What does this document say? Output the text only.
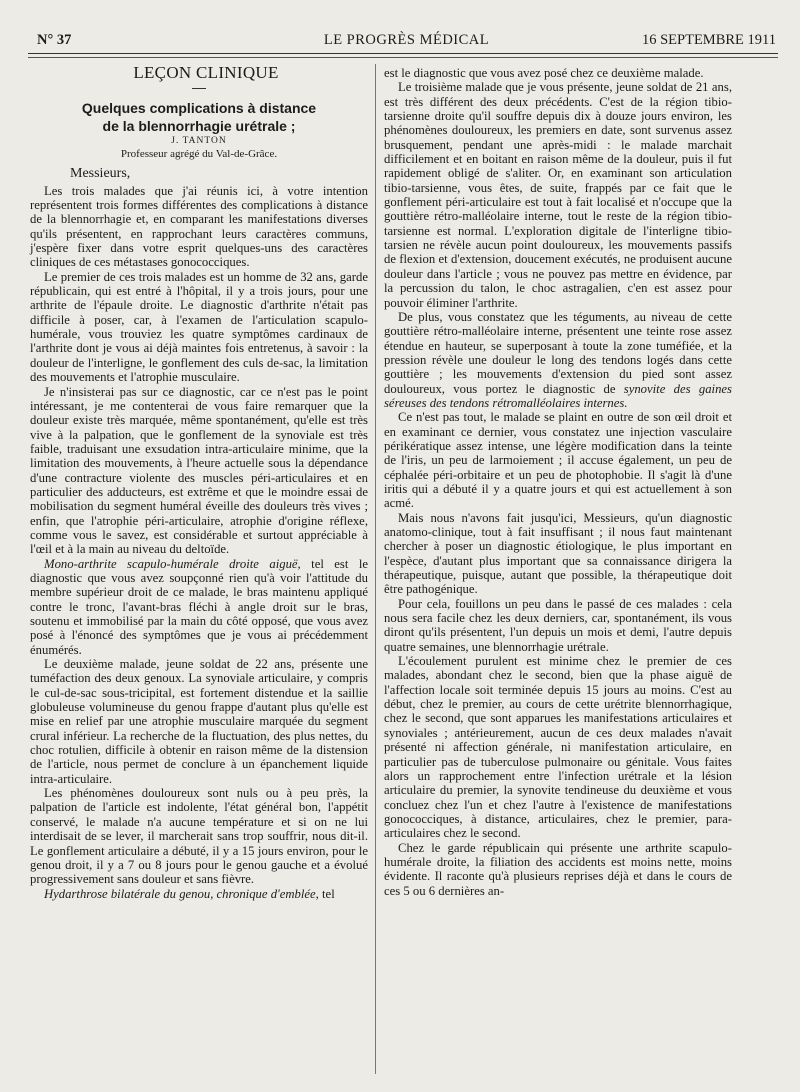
N° 37	LE PROGRÈS MÉDICAL	16 SEPTEMBRE 1911

LEÇON CLINIQUE

Quelques complications à distance
de la blennorrhagie urétrale ;

J. TANTON

Professeur agrégé du Val-de-Grâce.

Messieurs,

Les trois malades que j'ai réunis ici, à votre intention représentent trois formes différentes des complications à distance de la blennorrhagie et, en comparant les manifestations diverses qu'ils présentent, en rapprochant leurs caractères communs, j'espère fixer dans votre esprit quelques-uns des caractères cliniques de ces métastases gonococciques.

Le premier de ces trois malades est un homme de 32 ans, garde républicain, qui est entré à l'hôpital, il y a trois jours, pour une arthrite de l'épaule droite. Le diagnostic d'arthrite n'était pas difficile à poser, car, à l'examen de l'articulation scapulo-humérale, vous trouviez les quatre symptômes cardinaux de l'arthrite dont je vous ai déjà maintes fois entretenus, à savoir : la douleur de l'interligne, le gonflement des culs de-sac, la limitation des mouvements et l'atrophie musculaire.

Je n'insisterai pas sur ce diagnostic, car ce n'est pas le point intéressant, je me contenterai de vous faire remarquer que la douleur existe très marquée, même spontanément, qu'elle est très vive à la palpation, que le gonflement de la synoviale est très faible, traduisant une exsudation intra-articulaire minime, que la limitation des mouvements, à l'heure actuelle sous la dépendance d'une contracture violente des muscles péri-articulaires et en particulier des adducteurs, est extrême et que le moindre essai de mobilisation du segment huméral éveille des douleurs très vives ; enfin, que l'atrophie péri-articulaire, atrophie d'origine réflexe, comme vous le savez, est considérable et surtout appréciable à l'œil et à la main au niveau du deltoïde.

Mono-arthrite scapulo-humérale droite aiguë, tel est le diagnostic que vous avez soupçonné rien qu'à voir l'attitude du membre supérieur droit de ce malade, le bras maintenu appliqué contre le tronc, l'avant-bras fléchi à angle droit sur le bras, soutenu et immobilisé par la main du côté opposé, que vous avez posé à l'énoncé des symptômes que je vous ai précédemment énumérés.

Le deuxième malade, jeune soldat de 22 ans, présente une tuméfaction des deux genoux. La synoviale articulaire, y compris le cul-de-sac sous-tricipital, est fortement distendue et la saillie globuleuse volumineuse du genou frappe d'autant plus qu'elle est mise en relief par une atrophie musculaire marquée du segment crural inférieur. La recherche de la fluctuation, des plus nettes, du choc rotulien, difficile à obtenir en raison même de la distension de l'article, nous permet de conclure à un épanchement liquide intra-articulaire.

Les phénomènes douloureux sont nuls ou à peu près, la palpation de l'article est indolente, l'état général bon, l'appétit conservé, le malade n'a aucune température et si on ne lui interdisait de se lever, il marcherait sans trop souffrir, nous dit-il. Le gonflement articulaire a débuté, il y a 15 jours environ, pour le genou droit, il y a 7 ou 8 jours pour le genou gauche et a évolué progressivement sans douleur et sans fièvre.

Hydarthrose bilatérale du genou, chronique d'emblée, tel

est le diagnostic que vous avez posé chez ce deuxième malade.

Le troisième malade que je vous présente, jeune soldat de 21 ans, est très différent des deux précédents. C'est de la région tibio-tarsienne droite qu'il souffre depuis dix à douze jours environ, les phénomènes douloureux, les premiers en date, sont survenus assez brusquement, pendant une après-midi : le malade marchait difficilement et en boitant en raison même de la douleur, puis il fut rapidement obligé de s'aliter. Or, en examinant son articulation tibio-tarsienne, vous êtes, de suite, frappés par ce fait que le gonflement péri-articulaire est tout à fait localisé et n'occupe que la gouttière rétro-malléolaire interne, tout le reste de la région tibio-tarsienne est normal. L'exploration digitale de l'interligne tibio-tarsien ne révèle aucun point douloureux, les mouvements passifs de flexion et d'extension, doucement exécutés, ne produisent aucune douleur dans l'article ; vous ne pouvez pas mettre en évidence, par la percussion du talon, le choc astragalien, c'en est assez pour pouvoir éliminer l'arthrite.

De plus, vous constatez que les téguments, au niveau de cette gouttière rétro-malléolaire interne, présentent une teinte rose assez étendue en hauteur, se superposant à toute la zone tuméfiée, et la pression révèle une douleur le long des tendons logés dans cette gouttière ; les mouvements d'extension du pied sont assez douloureux, vous portez le diagnostic de synovite des gaines séreuses des tendons rétromalléolaires internes.

Ce n'est pas tout, le malade se plaint en outre de son œil droit et en examinant ce dernier, vous constatez une injection vasculaire périkératique assez intense, une légère modification dans la teinte de l'iris, un peu de larmoiement ; il accuse également, un peu de céphalée péri-orbitaire et un peu de photophobie. Il s'agit là d'une iritis qui a débuté il y a quatre jours et qui est actuellement à son acmé.

Mais nous n'avons fait jusqu'ici, Messieurs, qu'un diagnostic anatomo-clinique, tout à fait insuffisant ; il nous faut maintenant chercher à poser un diagnostic étiologique, le plus important en l'espèce, d'autant plus important que sa connaissance dirigera la thérapeutique, puisque, autant que possible, la thérapeutique doit être pathogénique.

Pour cela, fouillons un peu dans le passé de ces malades : cela nous sera facile chez les deux derniers, car, spontanément, ils vous diront qu'ils présentent, l'un depuis un mois et demi, l'autre depuis quatre semaines, une blennorrhagie urétrale.

L'écoulement purulent est minime chez le premier de ces malades, abondant chez le second, bien que la phase aiguë de l'affection locale soit terminée depuis 15 jours au moins. C'est au début, chez le premier, au cours de cette urétrite blennorrhagique, chez le second, que sont apparues les manifestations articulaires et synoviales ; antérieurement, aucun de ces deux malades n'avait présenté ni affection générale, ni manifestation articulaire, en particulier pas de tuberculose pulmonaire ou génitale. Vous faites alors un rapprochement entre l'infection urétrale et la lésion articulaire du premier, la synovite tendineuse du deuxième et vous concluez chez l'un et chez l'autre à l'existence de manifestations gonococciques, à distance, articulaires, chez le premier, para-articulaires chez le second.

Chez le garde républicain qui présente une arthrite scapulo-humérale droite, la filiation des accidents est moins nette, moins évidente. Il raconte qu'à plusieurs reprises déjà et dans le cours de ces 5 ou 6 dernières an-
